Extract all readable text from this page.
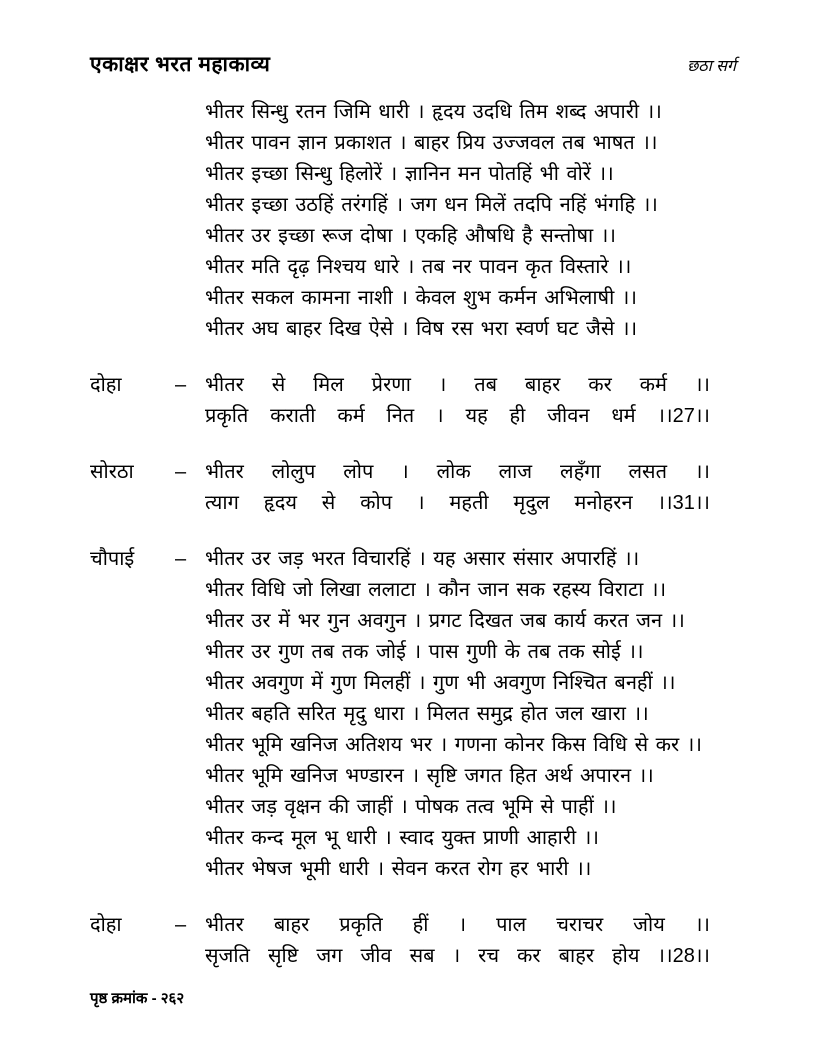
एकाक्षर भरत महाकाव्य	छठा सर्ग
भीतर सिन्धु रतन जिमि धारी । हृदय उदधि तिम शब्द अपारी ।।
भीतर पावन ज्ञान प्रकाशत । बाहर प्रिय उज्जवल तब भाषत ।।
भीतर इच्छा सिन्धु हिलोरें । ज्ञानिन मन पोतहिं भी वोरें ।।
भीतर इच्छा उठहिं तरंगहिं । जग धन मिलें तदपि नहिं भंगहि ।।
भीतर उर इच्छा रूज दोषा । एकहि औषधि है सन्तोषा ।।
भीतर मति दृढ़ निश्चय धारे । तब नर पावन कृत विस्तारे ।।
भीतर सकल कामना नाशी । केवल शुभ कर्मन अभिलाषी ।।
भीतर अघ बाहर दिख ऐसे । विष रस भरा स्वर्ण घट जैसे ।।
दोहा	– भीतर से मिल प्रेरणा । तब बाहर कर कर्म ।।
प्रकृति कराती कर्म नित । यह ही जीवन धर्म ।।27।।
सोरठा	– भीतर लोलुप लोप । लोक लाज लहँगा लसत ।।
त्याग हृदय से कोप । महती मृदुल मनोहरन ।।31।।
चौपाई	– भीतर उर जड़ भरत विचारहिं । यह असार संसार अपारहिं ।।
भीतर विधि जो लिखा ललाटा । कौन जान सक रहस्य विराटा ।।
भीतर उर में भर गुन अवगुन । प्रगट दिखत जब कार्य करत जन ।।
भीतर उर गुण तब तक जोई । पास गुणी के तब तक सोई ।।
भीतर अवगुण में गुण मिलहीं । गुण भी अवगुण निश्चित बनहीं ।।
भीतर बहति सरित मृदु धारा । मिलत समुद्र होत जल खारा ।।
भीतर भूमि खनिज अतिशय भर । गणना कोनर किस विधि से कर ।।
भीतर भूमि खनिज भण्डारन । सृष्टि जगत हित अर्थ अपारन ।।
भीतर जड़ वृक्षन की जाहीं । पोषक तत्व भूमि से पाहीं ।।
भीतर कन्द मूल भू धारी । स्वाद युक्त प्राणी आहारी ।।
भीतर भेषज भूमी धारी । सेवन करत रोग हर भारी ।।
दोहा	– भीतर बाहर प्रकृति हीं । पाल चराचर जोय ।।
सृजति सृष्टि जग जीव सब । रच कर बाहर होय ।।28।।
पृष्ठ क्रमांक - २६२
